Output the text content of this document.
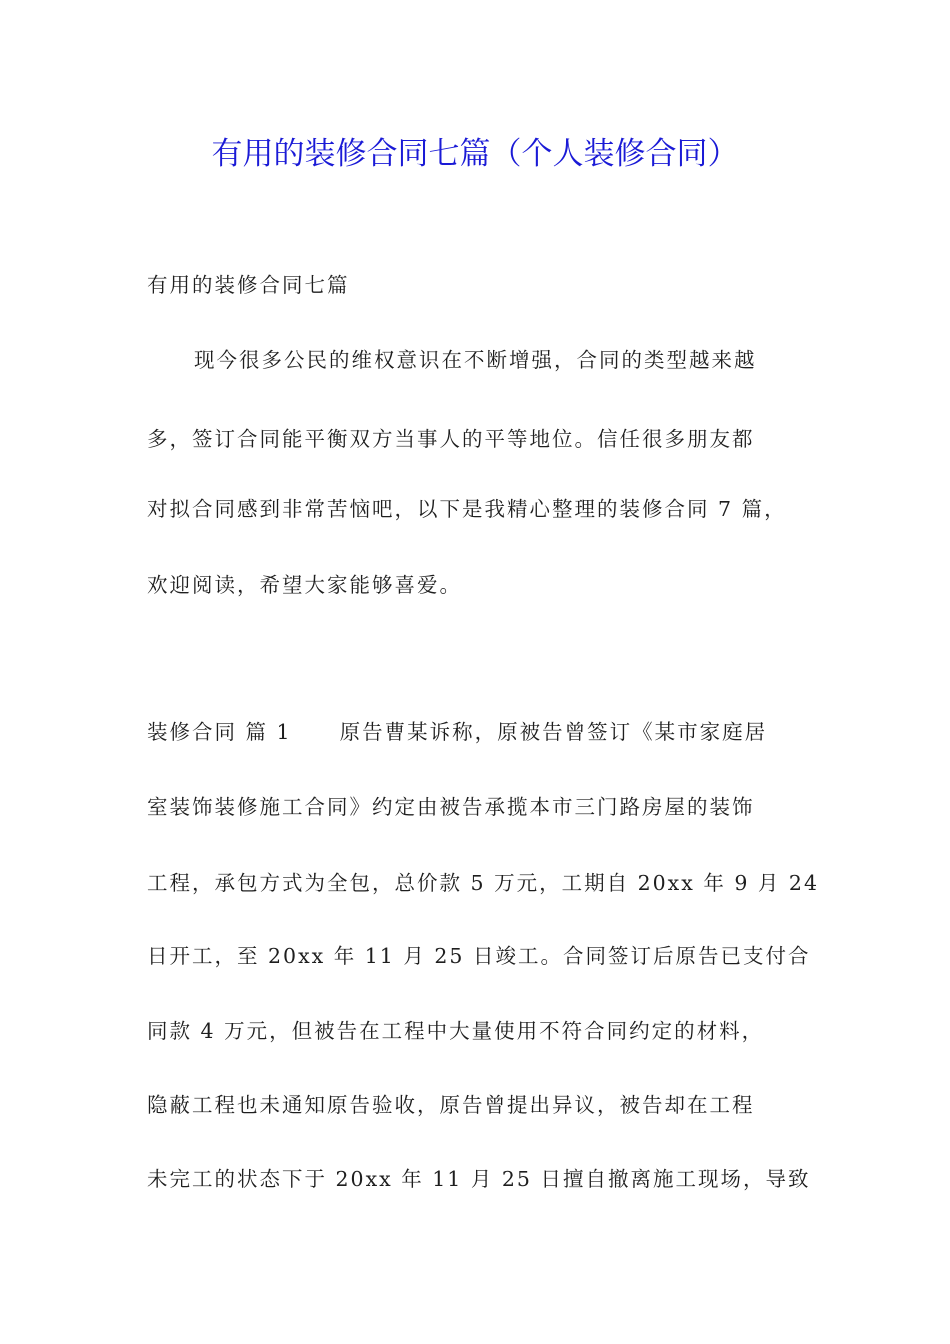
有用的装修合同七篇（个人装修合同）
有用的装修合同七篇
现今很多公民的维权意识在不断增强，合同的类型越来越
多，签订合同能平衡双方当事人的平等地位。信任很多朋友都
对拟合同感到非常苦恼吧，以下是我精心整理的装修合同 7 篇，
欢迎阅读，希望大家能够喜爱。
装修合同 篇 1 原告曹某诉称，原被告曾签订《某市家庭居
室装饰装修施工合同》约定由被告承揽本市三门路房屋的装饰
工程，承包方式为全包，总价款 5 万元，工期自 20xx 年 9 月 24
日开工，至 20xx 年 11 月 25 日竣工。合同签订后原告已支付合
同款 4 万元，但被告在工程中大量使用不符合同约定的材料，
隐蔽工程也未通知原告验收，原告曾提出异议，被告却在工程
未完工的状态下于 20xx 年 11 月 25 日擅自撤离施工现场，导致
